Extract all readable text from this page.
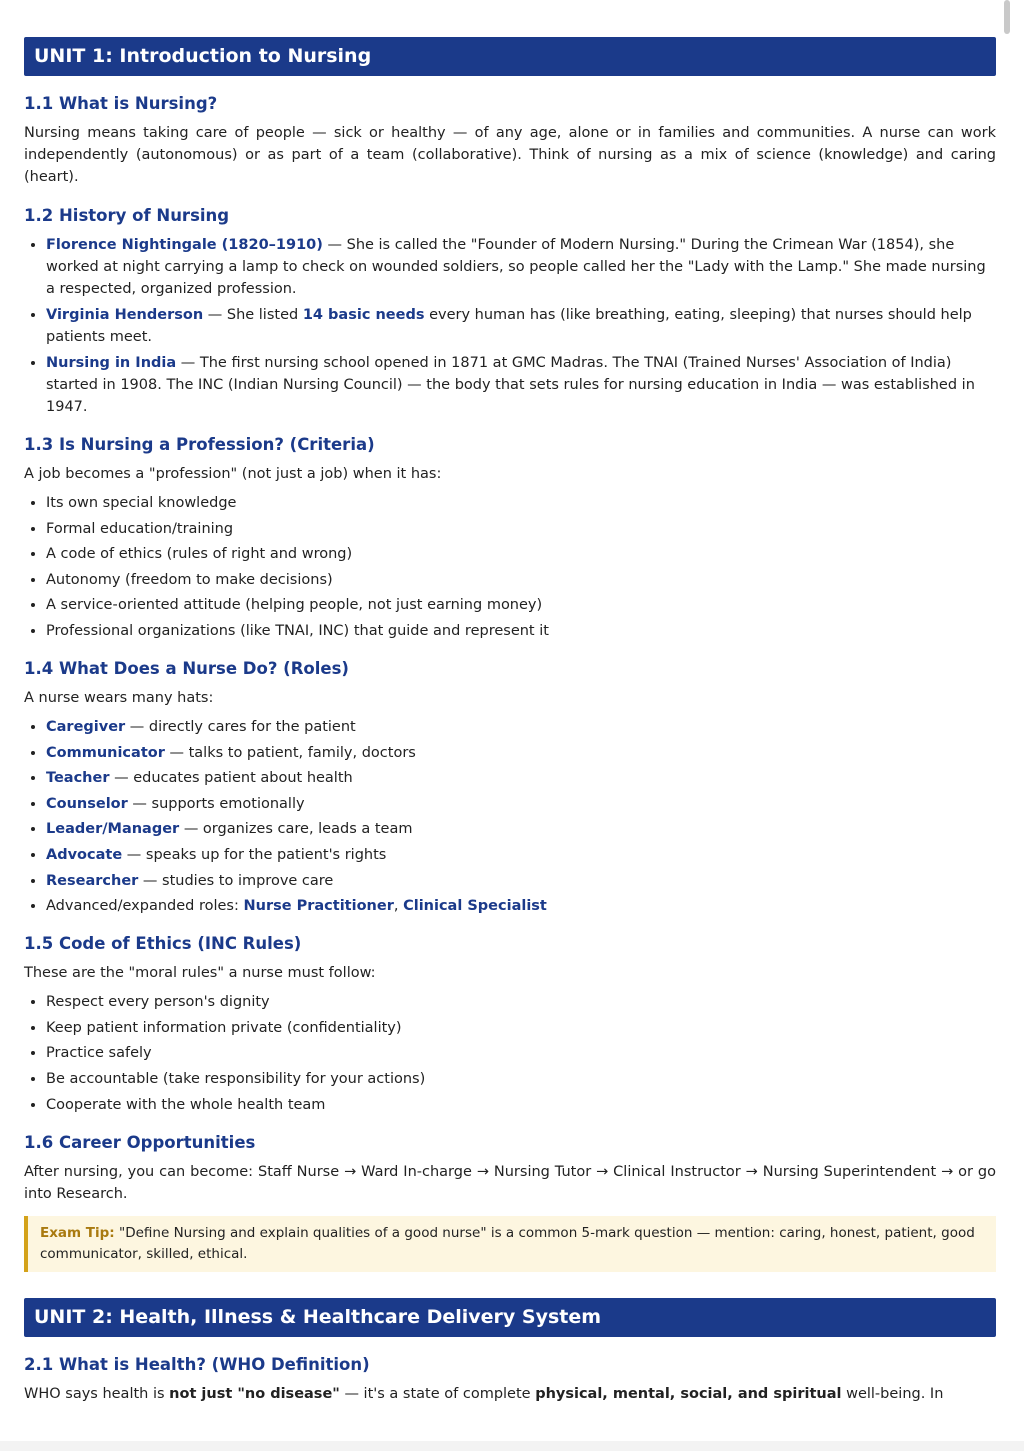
UNIT 1: Introduction to Nursing
1.1 What is Nursing?

Nursing means taking care of people — sick or healthy — of any age, alone or in families and communities. A nurse can work independently (autonomous) or as part of a team (collaborative). Think of nursing as a mix of science (knowledge) and caring (heart).

1.2 History of Nursing
• Florence Nightingale (1820–1910) — She is called the "Founder of Modern Nursing." During the Crimean War (1854), she worked at night carrying a lamp to check on wounded soldiers, so people called her the "Lady with the Lamp." She made nursing a respected, organized profession.
• Virginia Henderson — She listed 14 basic needs every human has (like breathing, eating, sleeping) that nurses should help patients meet.
• Nursing in India — The first nursing school opened in 1871 at GMC Madras. The TNAI (Trained Nurses' Association of India) started in 1908. The INC (Indian Nursing Council) — the body that sets rules for nursing education in India — was established in 1947.
1.3 Is Nursing a Profession? (Criteria)

A job becomes a "profession" (not just a job) when it has:

• Its own special knowledge
• Formal education/training
• A code of ethics (rules of right and wrong)
• Autonomy (freedom to make decisions)
• A service-oriented attitude (helping people, not just earning money)
• Professional organizations (like TNAI, INC) that guide and represent it
1.4 What Does a Nurse Do? (Roles)

A nurse wears many hats:

• Caregiver — directly cares for the patient
• Communicator — talks to patient, family, doctors
• Teacher — educates patient about health
• Counselor — supports emotionally
• Leader/Manager — organizes care, leads a team
• Advocate — speaks up for the patient's rights
• Researcher — studies to improve care
• Advanced/expanded roles: Nurse Practitioner, Clinical Specialist
1.5 Code of Ethics (INC Rules)

These are the "moral rules" a nurse must follow:

• Respect every person's dignity
• Keep patient information private (confidentiality)
• Practice safely
• Be accountable (take responsibility for your actions)
• Cooperate with the whole health team
1.6 Career Opportunities

After nursing, you can become: Staff Nurse → Ward In-charge → Nursing Tutor → Clinical Instructor → Nursing Superintendent → or go into Research.

Exam Tip: "Define Nursing and explain qualities of a good nurse" is a common 5-mark question — mention: caring, honest, patient, good communicator, skilled, ethical.
UNIT 2: Health, Illness & Healthcare Delivery System
2.1 What is Health? (WHO Definition)

WHO says health is not just "no disease" — it's a state of complete physical, mental, social, and spiritual well-being. In
